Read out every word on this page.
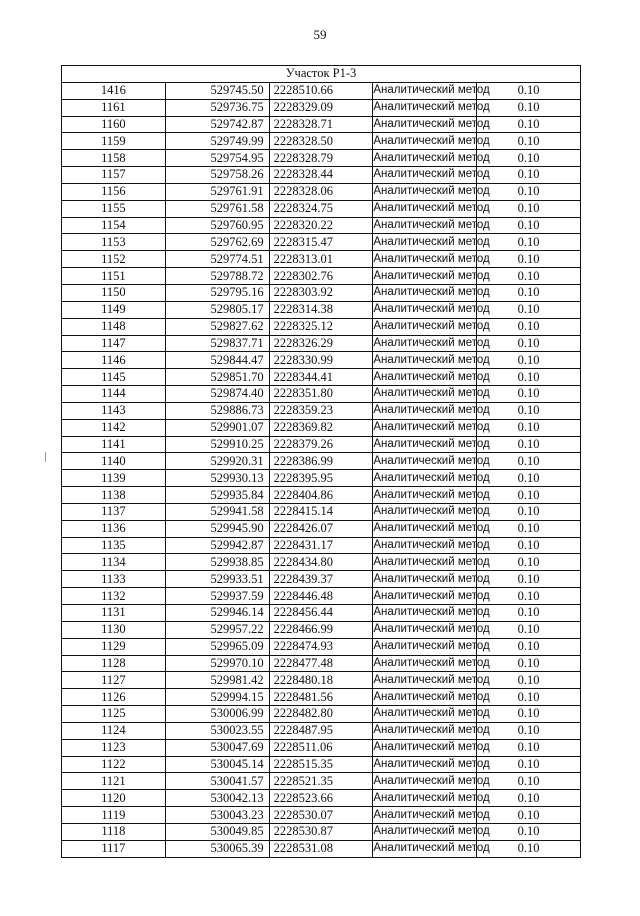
59
Участок Р1-3				
1416	529745.50	2228510.66	Аналитический метод	0.10
1161	529736.75	2228329.09	Аналитический метод	0.10
1160	529742.87	2228328.71	Аналитический метод	0.10
1159	529749.99	2228328.50	Аналитический метод	0.10
1158	529754.95	2228328.79	Аналитический метод	0.10
1157	529758.26	2228328.44	Аналитический метод	0.10
1156	529761.91	2228328.06	Аналитический метод	0.10
1155	529761.58	2228324.75	Аналитический метод	0.10
1154	529760.95	2228320.22	Аналитический метод	0.10
1153	529762.69	2228315.47	Аналитический метод	0.10
1152	529774.51	2228313.01	Аналитический метод	0.10
1151	529788.72	2228302.76	Аналитический метод	0.10
1150	529795.16	2228303.92	Аналитический метод	0.10
1149	529805.17	2228314.38	Аналитический метод	0.10
1148	529827.62	2228325.12	Аналитический метод	0.10
1147	529837.71	2228326.29	Аналитический метод	0.10
1146	529844.47	2228330.99	Аналитический метод	0.10
1145	529851.70	2228344.41	Аналитический метод	0.10
1144	529874.40	2228351.80	Аналитический метод	0.10
1143	529886.73	2228359.23	Аналитический метод	0.10
1142	529901.07	2228369.82	Аналитический метод	0.10
1141	529910.25	2228379.26	Аналитический метод	0.10
1140	529920.31	2228386.99	Аналитический метод	0.10
1139	529930.13	2228395.95	Аналитический метод	0.10
1138	529935.84	2228404.86	Аналитический метод	0.10
1137	529941.58	2228415.14	Аналитический метод	0.10
1136	529945.90	2228426.07	Аналитический метод	0.10
1135	529942.87	2228431.17	Аналитический метод	0.10
1134	529938.85	2228434.80	Аналитический метод	0.10
1133	529933.51	2228439.37	Аналитический метод	0.10
1132	529937.59	2228446.48	Аналитический метод	0.10
1131	529946.14	2228456.44	Аналитический метод	0.10
1130	529957.22	2228466.99	Аналитический метод	0.10
1129	529965.09	2228474.93	Аналитический метод	0.10
1128	529970.10	2228477.48	Аналитический метод	0.10
1127	529981.42	2228480.18	Аналитический метод	0.10
1126	529994.15	2228481.56	Аналитический метод	0.10
1125	530006.99	2228482.80	Аналитический метод	0.10
1124	530023.55	2228487.95	Аналитический метод	0.10
1123	530047.69	2228511.06	Аналитический метод	0.10
1122	530045.14	2228515.35	Аналитический метод	0.10
1121	530041.57	2228521.35	Аналитический метод	0.10
1120	530042.13	2228523.66	Аналитический метод	0.10
1119	530043.23	2228530.07	Аналитический метод	0.10
1118	530049.85	2228530.87	Аналитический метод	0.10
1117	530065.39	2228531.08	Аналитический метод	0.10
